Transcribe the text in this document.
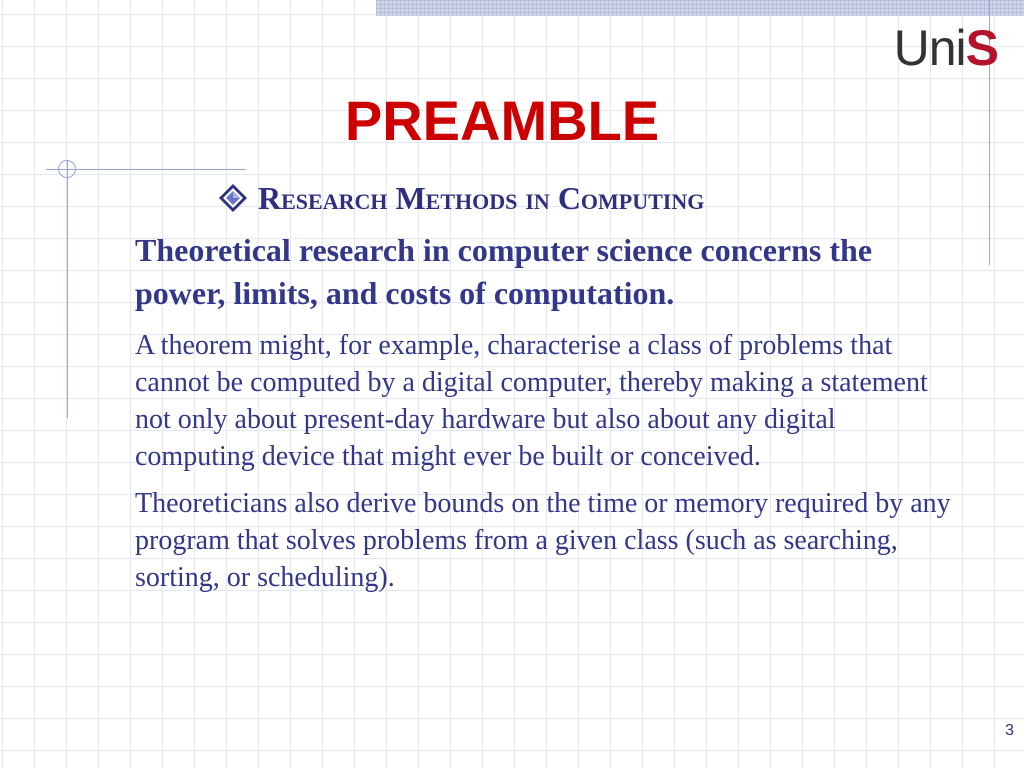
UniS
PREAMBLE
Research Methods in Computing

Theoretical research in computer science concerns the power, limits, and costs of computation.

A theorem might, for example, characterise a class of problems that cannot be computed by a digital computer, thereby making a statement not only about present-day hardware but also about any digital computing device that might ever be built or conceived.

Theoreticians also derive bounds on the time or memory required by any program that solves problems from a given class (such as searching, sorting, or scheduling).

3
